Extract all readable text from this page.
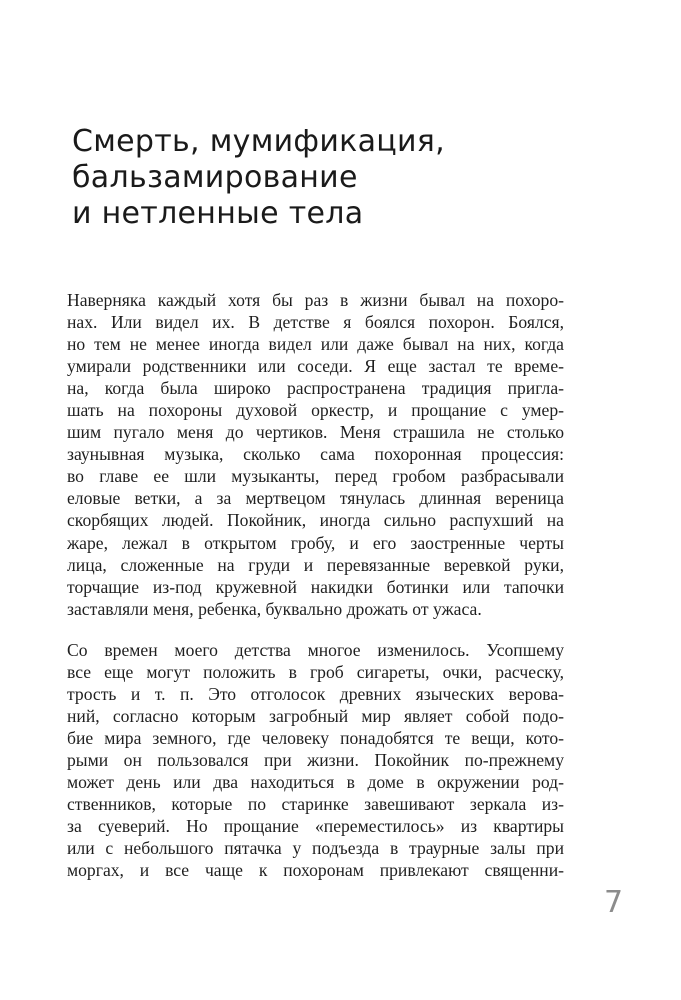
Смерть, мумификация,
бальзамирование
и нетленные тела

Наверняка каждый хотя бы раз в жизни бывал на похоро-
нах. Или видел их. В детстве я боялся похорон. Боялся,
но тем не менее иногда видел или даже бывал на них, когда
умирали родственники или соседи. Я еще застал те време-
на, когда была широко распространена традиция пригла-
шать на похороны духовой оркестр, и прощание с умер-
шим пугало меня до чертиков. Меня страшила не столько
заунывная музыка, сколько сама похоронная процессия:
во главе ее шли музыканты, перед гробом разбрасывали
еловые ветки, а за мертвецом тянулась длинная вереница
скорбящих людей. Покойник, иногда сильно распухший на
жаре, лежал в открытом гробу, и его заостренные черты
лица, сложенные на груди и перевязанные веревкой руки,
торчащие из-под кружевной накидки ботинки или тапочки
заставляли меня, ребенка, буквально дрожать от ужаса.

Со времен моего детства многое изменилось. Усопшему
все еще могут положить в гроб сигареты, очки, расческу,
трость и т. п. Это отголосок древних языческих верова-
ний, согласно которым загробный мир являет собой подо-
бие мира земного, где человеку понадобятся те вещи, кото-
рыми он пользовался при жизни. Покойник по-прежнему
может день или два находиться в доме в окружении род-
ственников, которые по старинке завешивают зеркала из-
за суеверий. Но прощание «переместилось» из квартиры
или с небольшого пятачка у подъезда в траурные залы при
моргах, и все чаще к похоронам привлекают священни-

7
